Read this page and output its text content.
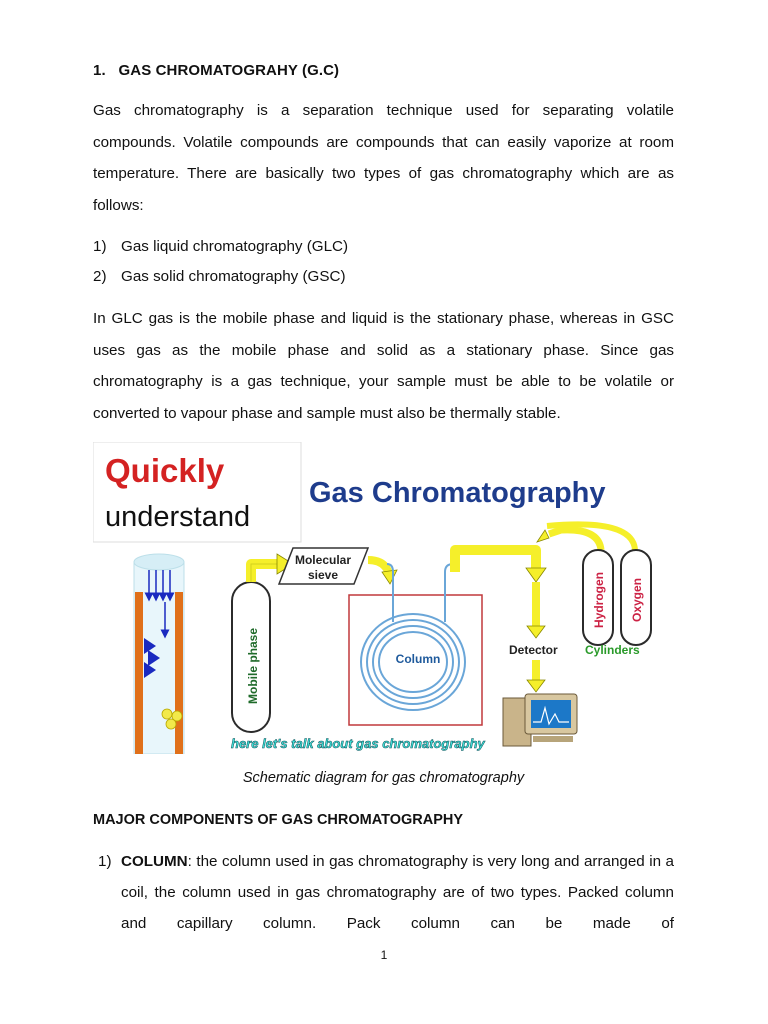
1.   GAS CHROMATOGRAHY (G.C)
Gas chromatography is a separation technique used for separating volatile compounds. Volatile compounds are compounds that can easily vaporize at room temperature. There are basically two types of gas chromatography which are as follows:
1) Gas liquid chromatography (GLC)
2) Gas solid chromatography (GSC)
In GLC gas is the mobile phase and liquid is the stationary phase, whereas in GSC uses gas as the mobile phase and solid as a stationary phase. Since gas chromatography is a gas technique, your sample must be able to be volatile or converted to vapour phase and sample must also be thermally stable.
Quickly
understand
Gas Chromatography
Mobile phase
Molecular
sieve
Column
Detector
Hydrogen Oxygen
Cylinders
here let's talk about gas chromatography
Schematic diagram for gas chromatography
MAJOR COMPONENTS OF GAS CHROMATOGRAPHY
1) COLUMN: the column used in gas chromatography is very long and arranged in a coil, the column used in gas chromatography are of two types. Packed column and capillary column. Pack column can be made of
1
